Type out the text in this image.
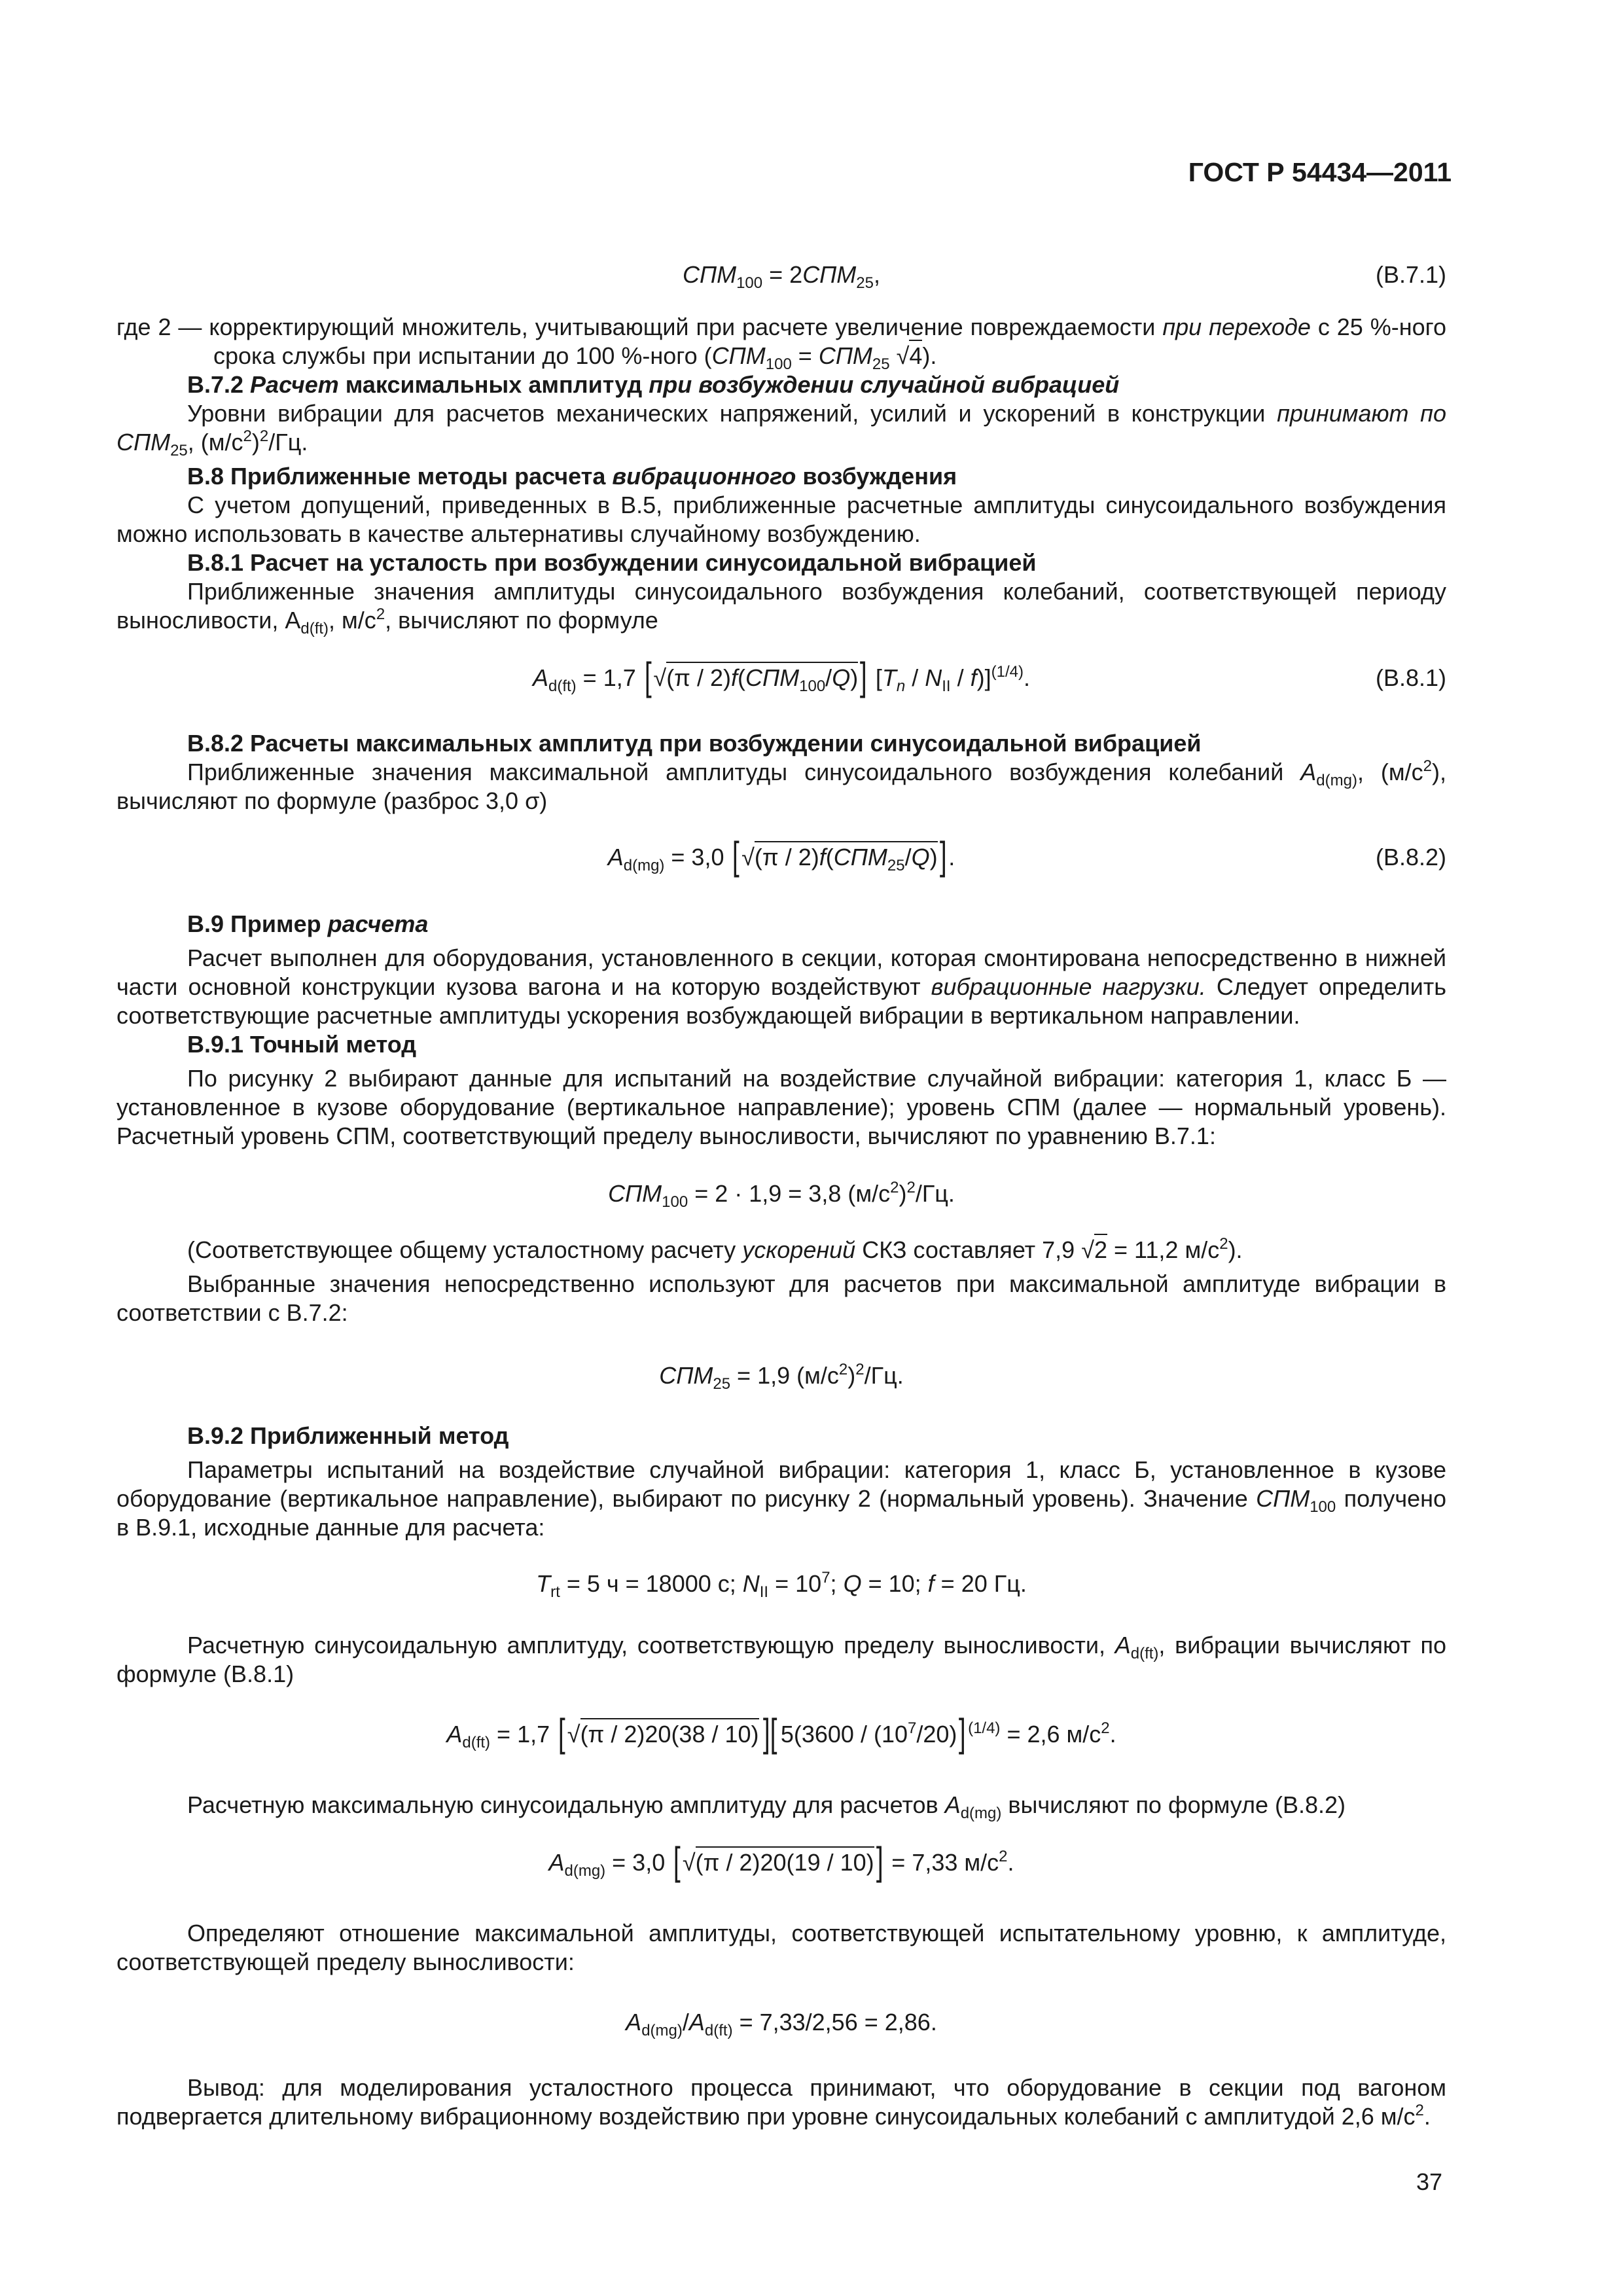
ГОСТ Р 54434—2011
$СПМ_{100} = 2СПМ_{25}$,	(В.7.1)

где 2 — корректирующий множитель, учитывающий при расчете увеличение повреждаемости при переходе с 25 %-ного срока службы при испытании до 100 %-ного ($СПМ_{100} = СПМ_{25}$ √4).

В.7.2 Расчет максимальных амплитуд при возбуждении случайной вибрацией

Уровни вибрации для расчетов механических напряжений, усилий и ускорений в конструкции принимают по $СПМ_{25}$, $(м/с^2)^2/Гц$.

В.8 Приближенные методы расчета вибрационного возбуждения

С учетом допущений, приведенных в В.5, приближенные расчетные амплитуды синусоидального возбуждения можно использовать в качестве альтернативы случайному возбуждению.

В.8.1 Расчет на усталость при возбуждении синусоидальной вибрацией

Приближенные значения амплитуды синусоидального возбуждения колебаний, соответствующей периоду выносливости, $А_{d(ft)}$, $м/с^2$, вычисляют по формуле

$A_{d(ft)} = 1,7$ $[√(\pi / 2)f(СПМ_{100}/Q)]$ $[T_n / N_{II} / f)]^{(1/4)}$.	(В.8.1)

В.8.2 Расчеты максимальных амплитуд при возбуждении синусоидальной вибрацией

Приближенные значения максимальной амплитуды синусоидального возбуждения колебаний $A_{d(mg)}$, $(м/с^2)$, вычисляют по формуле (разброс 3,0 σ)

$A_{d(mg)} = 3,0$ $[√(\pi / 2)f(СПМ_{25}/Q)]$.	(В.8.2)

В.9 Пример расчета

Расчет выполнен для оборудования, установленного в секции, которая смонтирована непосредственно в нижней части основной конструкции кузова вагона и на которую воздействуют вибрационные нагрузки. Следует определить соответствующие расчетные амплитуды ускорения возбуждающей вибрации в вертикальном направлении.

В.9.1 Точный метод

По рисунку 2 выбирают данные для испытаний на воздействие случайной вибрации: категория 1, класс Б — установленное в кузове оборудование (вертикальное направление); уровень СПМ (далее — нормальный уровень). Расчетный уровень СПМ, соответствующий пределу выносливости, вычисляют по уравнению В.7.1:

$СПМ_{100} = 2 \cdot 1,9 = 3,8$ $(м/с^2)^2/Гц$.

(Соответствующее общему усталостному расчету ускорений СКЗ составляет 7,9 √2 = 11,2 $м/с^2$).

Выбранные значения непосредственно используют для расчетов при максимальной амплитуде вибрации в соответствии с В.7.2:

$СПМ_{25} = 1,9$ $(м/с^2)^2/Гц$.

В.9.2 Приближенный метод

Параметры испытаний на воздействие случайной вибрации: категория 1, класс Б, установленное в кузове оборудование (вертикальное направление), выбирают по рисунку 2 (нормальный уровень). Значение $СПМ_{100}$ получено в В.9.1, исходные данные для расчета:

$T_{rt} = 5$ ч = 18000 с; $N_{II} = 10^7$; Q = 10; f = 20 Гц.

Расчетную синусоидальную амплитуду, соответствующую пределу выносливости, $A_{d(ft)}$, вибрации вычисляют по формуле (В.8.1)

$A_{d(ft)} = 1,7$ [√(π / 2)20(38 / 10)][ $5(3600 / (10^7/20)]$ $^{(1/4)}$ = 2,6 $м/с^2$.

Расчетную максимальную синусоидальную амплитуду для расчетов $A_{d(mg)}$ вычисляют по формуле (В.8.2)

$A_{d(mg)} = 3,0$ [√(π / 2)20(19 / 10)] = 7,33 $м/с^2$.

Определяют отношение максимальной амплитуды, соответствующей испытательному уровню, к амплитуде, соответствующей пределу выносливости:

$A_{d(mg)}/A_{d(ft)} = 7,33/2,56 = 2,86$.

Вывод: для моделирования усталостного процесса принимают, что оборудование в секции под вагоном подвергается длительному вибрационному воздействию при уровне синусоидальных колебаний с амплитудой 2,6 $м/с^2$.

37
